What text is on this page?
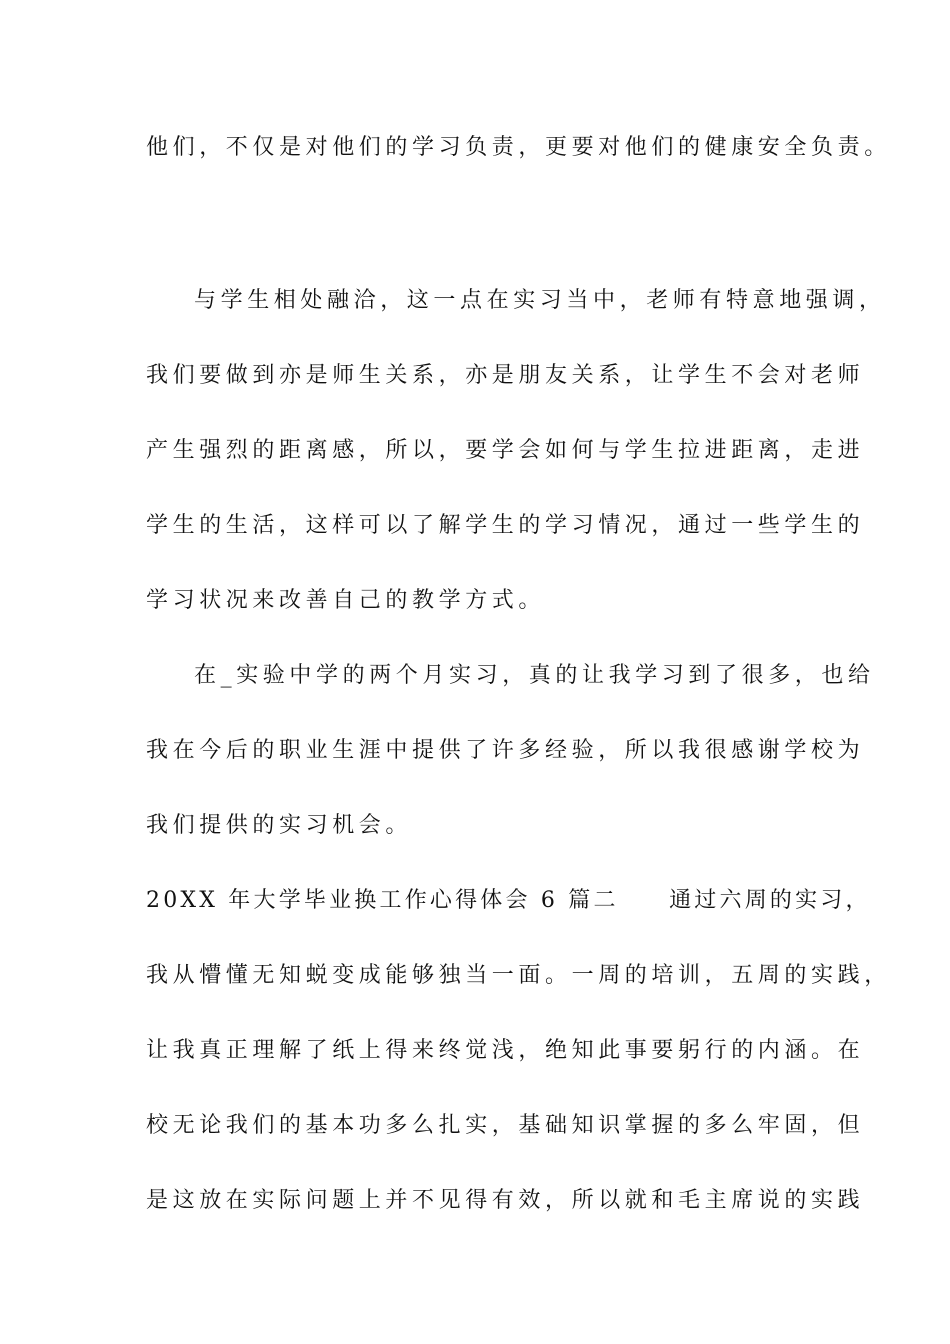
他们，不仅是对他们的学习负责，更要对他们的健康安全负责。
与学生相处融洽，这一点在实习当中，老师有特意地强调，
我们要做到亦是师生关系，亦是朋友关系，让学生不会对老师
产生强烈的距离感，所以，要学会如何与学生拉进距离，走进
学生的生活，这样可以了解学生的学习情况，通过一些学生的
学习状况来改善自己的教学方式。
在_实验中学的两个月实习，真的让我学习到了很多，也给
我在今后的职业生涯中提供了许多经验，所以我很感谢学校为
我们提供的实习机会。
20XX 年大学毕业换工作心得体会 6 篇二　　通过六周的实习，
我从懵懂无知蜕变成能够独当一面。一周的培训，五周的实践，
让我真正理解了纸上得来终觉浅，绝知此事要躬行的内涵。在
校无论我们的基本功多么扎实，基础知识掌握的多么牢固，但
是这放在实际问题上并不见得有效，所以就和毛主席说的实践
